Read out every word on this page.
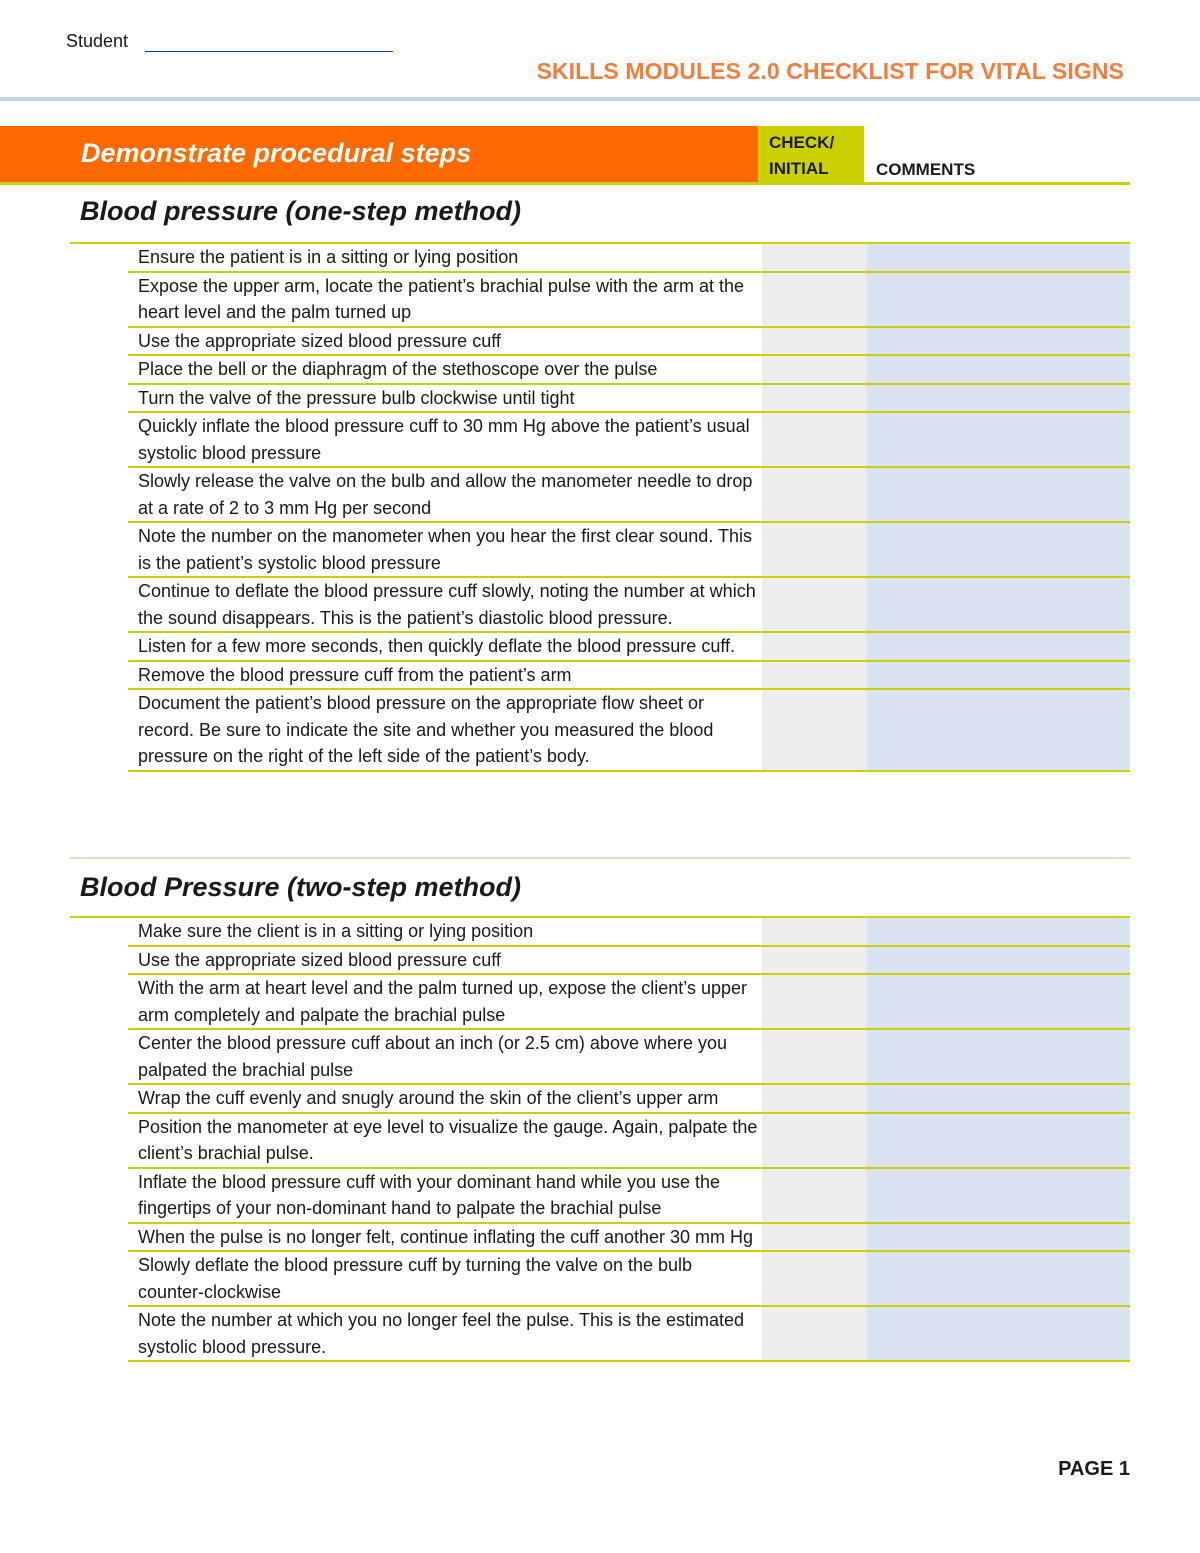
Student
SKILLS MODULES 2.0 CHECKLIST FOR VITAL SIGNS
Demonstrate procedural steps	CHECK/
INITIAL	COMMENTS
Blood pressure (one-step method)
Ensure the patient is in a sitting or lying position
Expose the upper arm, locate the patient’s brachial pulse with the arm at the heart level and the palm turned up
Use the appropriate sized blood pressure cuff
Place the bell or the diaphragm of the stethoscope over the pulse
Turn the valve of the pressure bulb clockwise until tight
Quickly inflate the blood pressure cuff to 30 mm Hg above the patient’s usual systolic blood pressure
Slowly release the valve on the bulb and allow the manometer needle to drop at a rate of 2 to 3 mm Hg per second
Note the number on the manometer when you hear the first clear sound. This is the patient’s systolic blood pressure
Continue to deflate the blood pressure cuff slowly, noting the number at which the sound disappears. This is the patient’s diastolic blood pressure.
Listen for a few more seconds, then quickly deflate the blood pressure cuff.
Remove the blood pressure cuff from the patient’s arm
Document the patient’s blood pressure on the appropriate flow sheet or record. Be sure to indicate the site and whether you measured the blood pressure on the right of the left side of the patient’s body.
Blood Pressure (two-step method)
Make sure the client is in a sitting or lying position
Use the appropriate sized blood pressure cuff
With the arm at heart level and the palm turned up, expose the client’s upper arm completely and palpate the brachial pulse
Center the blood pressure cuff about an inch (or 2.5 cm) above where you palpated the brachial pulse
Wrap the cuff evenly and snugly around the skin of the client’s upper arm
Position the manometer at eye level to visualize the gauge. Again, palpate the client’s brachial pulse.
Inflate the blood pressure cuff with your dominant hand while you use the fingertips of your non-dominant hand to palpate the brachial pulse
When the pulse is no longer felt, continue inflating the cuff another 30 mm Hg
Slowly deflate the blood pressure cuff by turning the valve on the bulb counter-clockwise
Note the number at which you no longer feel the pulse. This is the estimated systolic blood pressure.
PAGE 1
